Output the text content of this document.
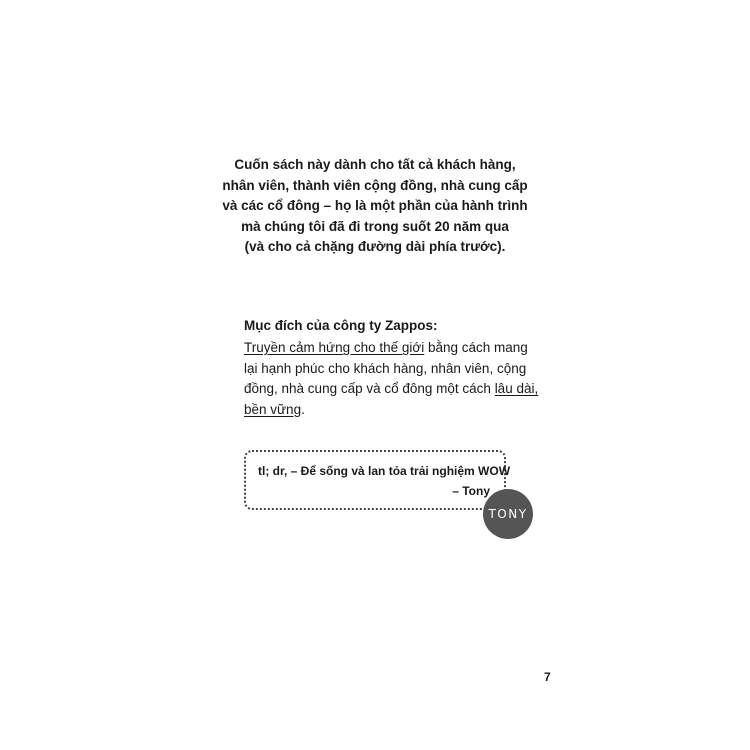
Cuốn sách này dành cho tất cả khách hàng,
nhân viên, thành viên cộng đồng, nhà cung cấp
và các cổ đông – họ là một phần của hành trình
mà chúng tôi đã đi trong suốt 20 năm qua
(và cho cả chặng đường dài phía trước).
Mục đích của công ty Zappos:
Truyền cảm hứng cho thế giới bằng cách mang
lại hạnh phúc cho khách hàng, nhân viên, cộng
đồng, nhà cung cấp và cổ đông một cách lâu dài,
bền vững.
tl; dr, – Để sống và lan tỏa trải nghiệm WOW
– Tony
TONY
7
